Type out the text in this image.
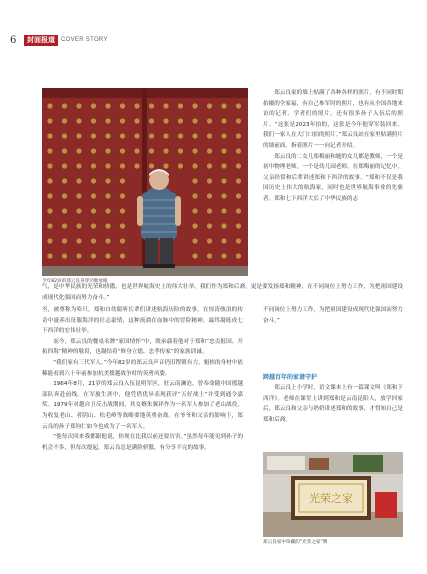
6	封面报道	COVER STORY
今年82岁的郑云良身穿功勋放眼

郑云良家的墙上贴满了各种各样的照片，有不同时期拍摄的全家福，有自己参军时的照片，也有从全国各地来访的记者、学者们的照片，还有很多孙子入伍后的照片。“这张是2023年拍的，这张是今年他穿军装回来，我们一家人在大门口拍的照片。”郑云良站在家里贴满照片的墙前面，指着照片一一向记者介绍。

郑云良的二女儿郑梅丽和她的女儿都是教师，一个是初中物理老师，一个是幼儿园老师。在郑梅丽的记忆中，父亲经常和后辈讲述郑和下西洋的故事。“郑和不仅是我国历史上伟大的航海家，同时也是世界航海事业的先驱者。郑和七下西洋大长了中华民族的志

气，是中华民族的光荣和骄傲，也是世界航海史上的伟大壮举。我们作为郑和后裔，更是要发扬郑和精神，在不同岗位上努力工作，为把祖国建设成现代化强国而努力奋斗。”

丞，被尊称为哈只。郑和自幼聪听长辈们讲述航海历险的故事，在惊涛骇浪的传奇中滋养出征服海洋的壮志豪情，这种流淌在血脉中的冒险精神，最终凝练成七下西洋的宏伟壮举。

而今，郑云良的餐桌名牌“家国情怀”中，既承载着他对于郑和“忠贞报国、开拓四海”精神的敬畏，也凝结着“修身立德、忠孝传家”的家族训诫。

“我们家有三代军人。”今年82岁的郑云良声音仍旧铿锵有力，魁梧的身材中依稀能看到六十年前参加抗美援越战争时的英勇风姿。

1964年8月，21岁的郑云良入伍昆明军区，驻云南澜沧，曾奉命随中国援越部队奔赴前线。在军旅生涯中，他凭借优异表现获评“五好战士”并受到通令嘉奖。1979年对越自卫反击战期间，其女婿朱翼祥作为一名军人参加了老山战役，为收复老山、者阴山、松毛岭等战略要地英勇奋战。在爷爷和父亲的影响下，郑云良的孙子郑钧仁如今也成为了一名军人。

“他每次回来我都跟他说，你现在比我以前还要厉害。”虽然每年能见到孙子的机会不多，但每次提起，郑云良总是满脸骄傲，有分享不完的故事。

不同岗位上努力工作，为把祖国建设成现代化强国而努力奋斗。”

跨越百年的家谱守护

郑云良上小学时，语文课本上有一篇课文叫《郑和下西洋》。老师在课堂上讲到郑和是云南昆阳人，放学回家后，郑云良和父亲与奶奶讲述郑和的故事，才得知自己是郑和后裔。

光荣之家
郑云良家中珍藏的“光荣之家”牌
